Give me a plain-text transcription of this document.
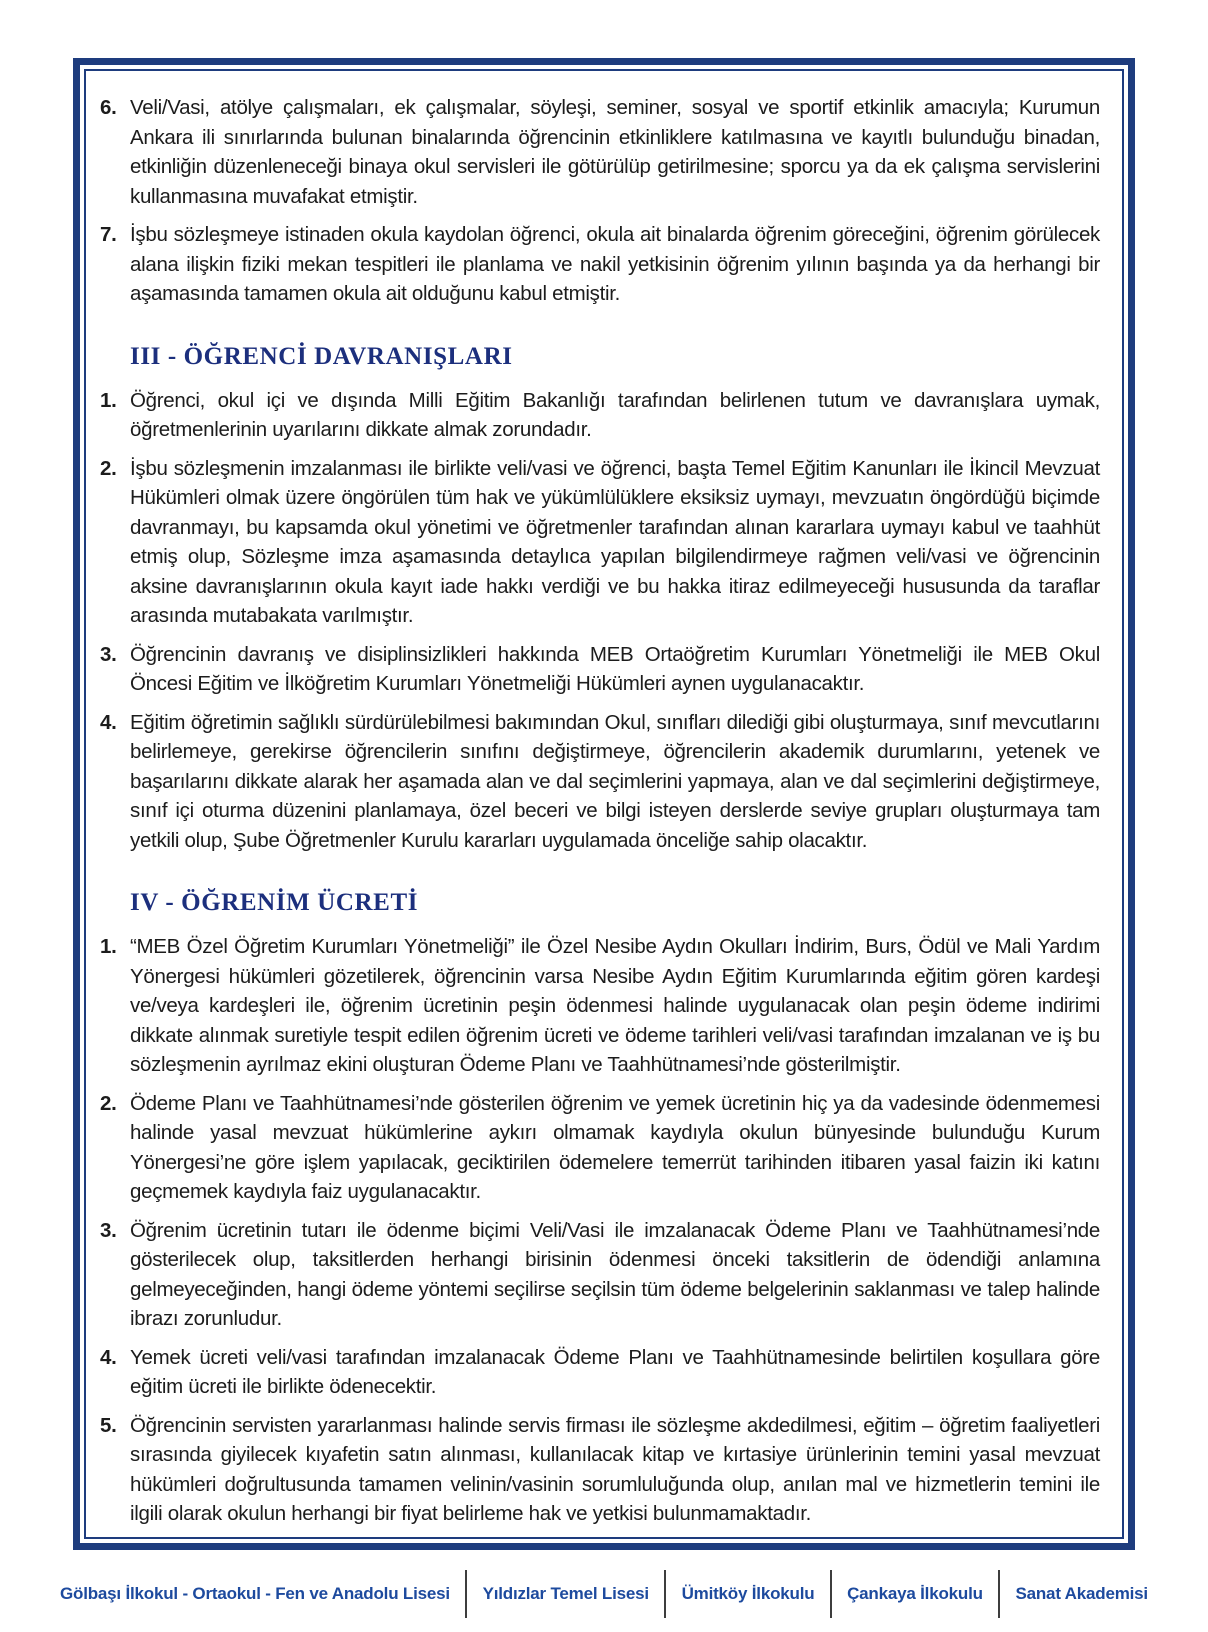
6. Veli/Vasi, atölye çalışmaları, ek çalışmalar, söyleşi, seminer, sosyal ve sportif etkinlik amacıyla; Kurumun Ankara ili sınırlarında bulunan binalarında öğrencinin etkinliklere katılmasına ve kayıtlı bulunduğu binadan, etkinliğin düzenleneceği binaya okul servisleri ile götürülüp getirilmesine; sporcu ya da ek çalışma servislerini kullanmasına muvafakat etmiştir.

7. İşbu sözleşmeye istinaden okula kaydolan öğrenci, okula ait binalarda öğrenim göreceğini, öğrenim görülecek alana ilişkin fiziki mekan tespitleri ile planlama ve nakil yetkisinin öğrenim yılının başında ya da herhangi bir aşamasında tamamen okula ait olduğunu kabul etmiştir.

III - ÖĞRENCİ DAVRANIŞLARI
1. Öğrenci, okul içi ve dışında Milli Eğitim Bakanlığı tarafından belirlenen tutum ve davranışlara uymak, öğretmenlerinin uyarılarını dikkate almak zorundadır.

2. İşbu sözleşmenin imzalanması ile birlikte veli/vasi ve öğrenci, başta Temel Eğitim Kanunları ile İkincil Mevzuat Hükümleri olmak üzere öngörülen tüm hak ve yükümlülüklere eksiksiz uymayı, mevzuatın öngördüğü biçimde davranmayı, bu kapsamda okul yönetimi ve öğretmenler tarafından alınan kararlara uymayı kabul ve taahhüt etmiş olup, Sözleşme imza aşamasında detaylıca yapılan bilgilendirmeye rağmen veli/vasi ve öğrencinin aksine davranışlarının okula kayıt iade hakkı verdiği ve bu hakka itiraz edilmeyeceği hususunda da taraflar arasında mutabakata varılmıştır.

3. Öğrencinin davranış ve disiplinsizlikleri hakkında MEB Ortaöğretim Kurumları Yönetmeliği ile MEB Okul Öncesi Eğitim ve İlköğretim Kurumları Yönetmeliği Hükümleri aynen uygulanacaktır.

4. Eğitim öğretimin sağlıklı sürdürülebilmesi bakımından Okul, sınıfları dilediği gibi oluşturmaya, sınıf mevcutlarını belirlemeye, gerekirse öğrencilerin sınıfını değiştirmeye, öğrencilerin akademik durumlarını, yetenek ve başarılarını dikkate alarak her aşamada alan ve dal seçimlerini yapmaya, alan ve dal seçimlerini değiştirmeye, sınıf içi oturma düzenini planlamaya, özel beceri ve bilgi isteyen derslerde seviye grupları oluşturmaya tam yetkili olup, Şube Öğretmenler Kurulu kararları uygulamada önceliğe sahip olacaktır.

IV - ÖĞRENİM ÜCRETİ
1. “MEB Özel Öğretim Kurumları Yönetmeliği” ile Özel Nesibe Aydın Okulları İndirim, Burs, Ödül ve Mali Yardım Yönergesi hükümleri gözetilerek, öğrencinin varsa Nesibe Aydın Eğitim Kurumlarında eğitim gören kardeşi ve/veya kardeşleri ile, öğrenim ücretinin peşin ödenmesi halinde uygulanacak olan peşin ödeme indirimi dikkate alınmak suretiyle tespit edilen öğrenim ücreti ve ödeme tarihleri veli/vasi tarafından imzalanan ve iş bu sözleşmenin ayrılmaz ekini oluşturan Ödeme Planı ve Taahhütnamesi’nde gösterilmiştir.

2. Ödeme Planı ve Taahhütnamesi’nde gösterilen öğrenim ve yemek ücretinin hiç ya da vadesinde ödenmemesi halinde yasal mevzuat hükümlerine aykırı olmamak kaydıyla okulun bünyesinde bulunduğu Kurum Yönergesi’ne göre işlem yapılacak, geciktirilen ödemelere temerrüt tarihinden itibaren yasal faizin iki katını geçmemek kaydıyla faiz uygulanacaktır.

3. Öğrenim ücretinin tutarı ile ödenme biçimi Veli/Vasi ile imzalanacak Ödeme Planı ve Taahhütnamesi’nde gösterilecek olup, taksitlerden herhangi birisinin ödenmesi önceki taksitlerin de ödendiği anlamına gelmeyeceğinden, hangi ödeme yöntemi seçilirse seçilsin tüm ödeme belgelerinin saklanması ve talep halinde ibrazı zorunludur.

4. Yemek ücreti veli/vasi tarafından imzalanacak Ödeme Planı ve Taahhütnamesinde belirtilen koşullara göre eğitim ücreti ile birlikte ödenecektir.

5. Öğrencinin servisten yararlanması halinde servis firması ile sözleşme akdedilmesi, eğitim – öğretim faaliyetleri sırasında giyilecek kıyafetin satın alınması, kullanılacak kitap ve kırtasiye ürünlerinin temini yasal mevzuat hükümleri doğrultusunda tamamen velinin/vasinin sorumluluğunda olup, anılan mal ve hizmetlerin temini ile ilgili olarak okulun herhangi bir fiyat belirleme hak ve yetkisi bulunmamaktadır.

Gölbaşı İlkokul - Ortaokul - Fen ve Anadolu Lisesi Yıldızlar Temel Lisesi Ümitköy İlkokulu Çankaya İlkokulu Sanat Akademisi
